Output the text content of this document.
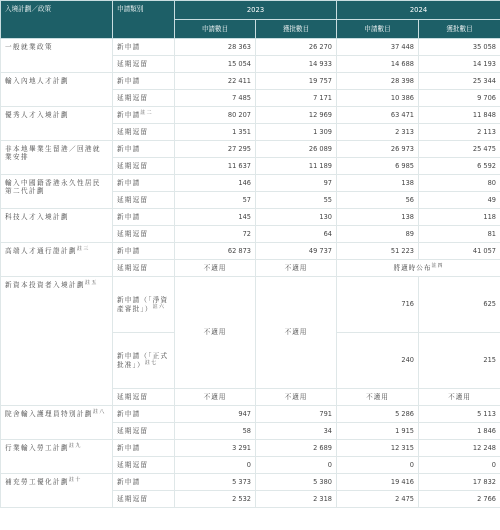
入境計劃／政策	申請類別	2023		2024	
		申請數目	獲批數目	申請數目	獲批數目
一般就業政策	新申請	28 363	26 270	37 448	35 058
	延期逗留	15 054	14 933	14 688	14 193
輸入內地人才計劃	新申請	22 411	19 757	28 398	25 344
	延期逗留	7 485	7 171	10 386	9 706
優秀人才入境計劃	新申請$^{註二}$	80 207	12 969	63 471	11 848
	延期逗留	1 351	1 309	2 313	2 113
非本地畢業生留港／回港就業安排	新申請	27 295	26 089	26 973	25 475
	延期逗留	11 637	11 189	6 985	6 592
輸入中國籍香港永久性居民第二代計劃	新申請	146	97	138	80
	延期逗留	57	55	56	49
科技人才入境計劃	新申請	145	130	138	118
	延期逗留	72	64	89	81
高端人才通行證計劃$^{註三}$	新申請	62 873	49 737	51 223	41 057
	延期逗留	不適用	不適用	將適時公布$^{註四}$
新資本投資者入境計劃$^{註五}$	新申請（「淨資產審批」）$^{註六}$	不適用	不適用	716	625
	新申請（「正式批准」）$^{註七}$			240	215
	延期逗留	不適用	不適用	不適用	不適用
院舍輸入護理員特別計劃$^{註八}$	新申請	947	791	5 286	5 113
	延期逗留	58	34	1 915	1 846
行業輸入勞工計劃$^{註九}$	新申請	3 291	2 689	12 315	12 248
	延期逗留	0	0	0	0
補充勞工優化計劃$^{註十}$	新申請	5 373	5 380	19 416	17 832
	延期逗留	2 532	2 318	2 475	2 766
